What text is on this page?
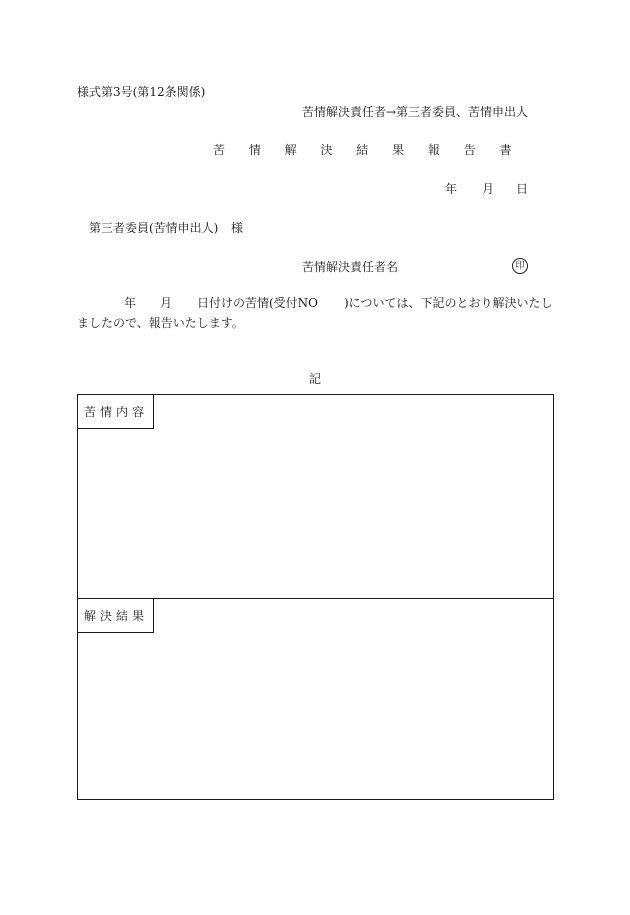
様式第3号(第12条関係)
苦情解決責任者→第三者委員、苦情申出人
苦 情 解 決 結 果 報 告 書
年 月 日
第三者委員(苦情申出人) 様
苦情解決責任者名	印
年 月 日付けの苦情(受付NO )については、下記のとおり解決いたし
ましたので、報告いたします。
記
苦情内容
解決結果
